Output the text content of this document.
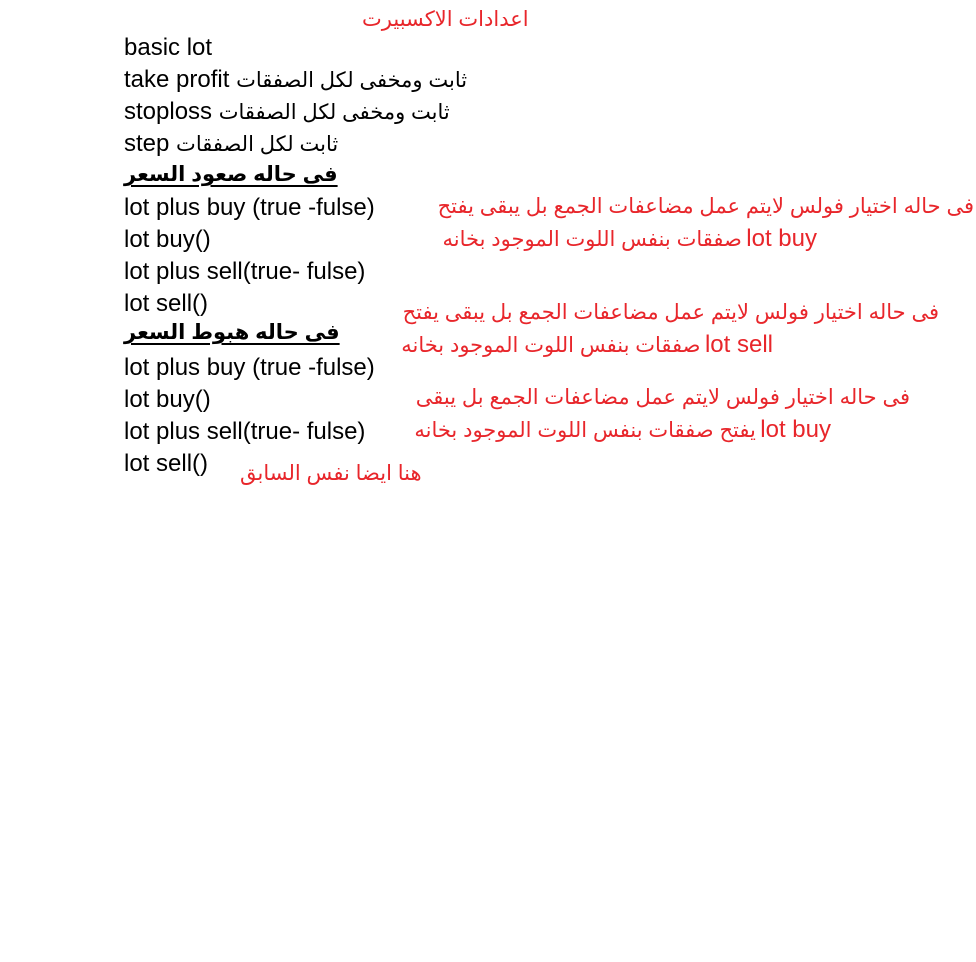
اعدادات الاكسبيرت
basic lot
take profit ثابت ومخفى لكل الصفقات
stoploss ثابت ومخفى لكل الصفقات
step ثابت لكل الصفقات
فى حاله صعود السعر
lot plus buy (true -fulse)
lot buy()
lot plus sell(true- fulse)
lot sell()
فى حاله هبوط السعر
lot plus buy (true -fulse)
lot buy()
lot plus sell(true- fulse)
lot sell()
فى حاله اختيار فولس لايتم عمل مضاعفات الجمع بل يبقى يفتح
صفقات بنفس اللوت الموجود بخانه lot buy
فى حاله اختيار فولس لايتم عمل مضاعفات الجمع بل يبقى يفتح
صفقات بنفس اللوت الموجود بخانه lot sell
فى حاله اختيار فولس لايتم عمل مضاعفات الجمع بل يبقى
يفتح صفقات بنفس اللوت الموجود بخانه lot buy
هنا ايضا نفس السابق
